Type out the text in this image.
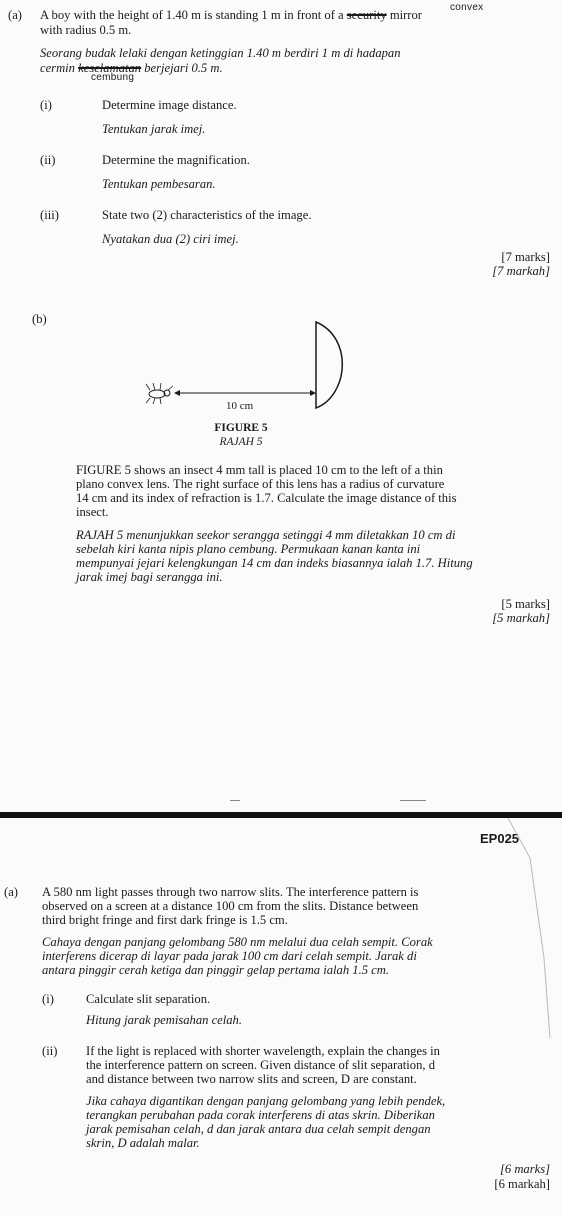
(a)
convex
A boy with the height of 1.40 m is standing 1 m in front of a security mirror
with radius 0.5 m.
Seorang budak lelaki dengan ketinggian 1.40 m berdiri 1 m di hadapan
cermin keselamatan berjejari 0.5 m.
cembung
(i)	Determine image distance.
Tentukan jarak imej.
(ii)	Determine the magnification.
Tentukan pembesaran.
(iii)	State two (2) characteristics of the image.
Nyatakan dua (2) ciri imej.
[7 marks]
[7 markah]
(b)
10 cm
FIGURE 5
RAJAH 5
FIGURE 5 shows an insect 4 mm tall is placed 10 cm to the left of a thin
plano convex lens. The right surface of this lens has a radius of curvature
14 cm and its index of refraction is 1.7. Calculate the image distance of this
insect.
RAJAH 5 menunjukkan seekor serangga setinggi 4 mm diletakkan 10 cm di
sebelah kiri kanta nipis plano cembung. Permukaan kanan kanta ini
mempunyai jejari kelengkungan 14 cm dan indeks biasannya ialah 1.7. Hitung
jarak imej bagi serangga ini.
[5 marks]
[5 markah]
EP025
(a) A 580 nm light passes through two narrow slits. The interference pattern is
observed on a screen at a distance 100 cm from the slits. Distance between
third bright fringe and first dark fringe is 1.5 cm.
Cahaya dengan panjang gelombang 580 nm melalui dua celah sempit. Corak
interferens dicerap di layar pada jarak 100 cm dari celah sempit. Jarak di
antara pinggir cerah ketiga dan pinggir gelap pertama ialah 1.5 cm.
(i)	Calculate slit separation.
Hitung jarak pemisahan celah.
(ii) If the light is replaced with shorter wavelength, explain the changes in
the interference pattern on screen. Given distance of slit separation, d
and distance between two narrow slits and screen, D are constant.
Jika cahaya digantikan dengan panjang gelombang yang lebih pendek,
terangkan perubahan pada corak interferens di atas skrin. Diberikan
jarak pemisahan celah, d dan jarak antara dua celah sempit dengan
skrin, D adalah malar.
[6 marks]
[6 markah]
